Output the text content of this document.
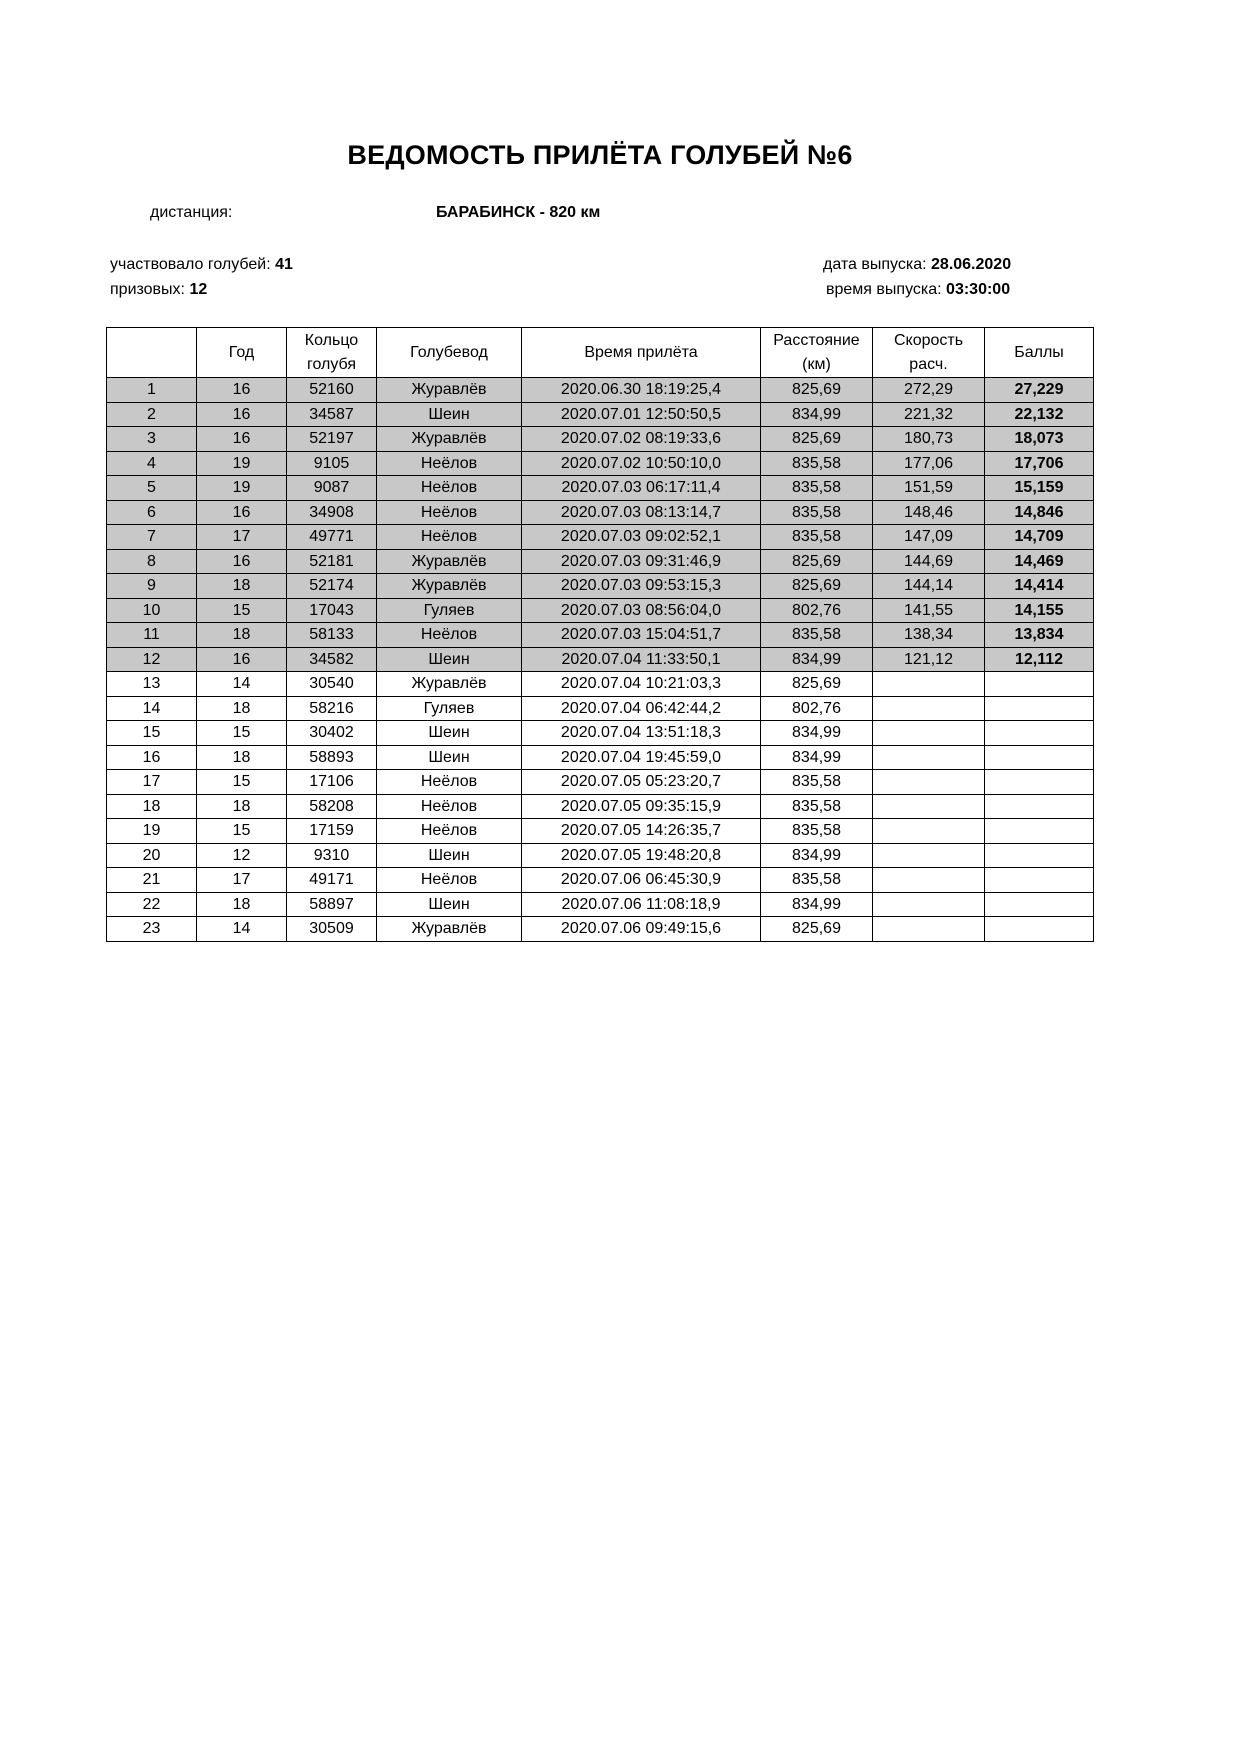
ВЕДОМОСТЬ ПРИЛЁТА ГОЛУБЕЙ №6
дистанция:	БАРАБИНСК - 820 км
участвовало голубей: 41
призовых: 12
дата выпуска: 28.06.2020
время выпуска: 03:30:00
	Год	Кольцо голубя	Голубевод	Время прилёта	Расстояние (км)	Скорость расч.	Баллы
1	16	52160	Журавлёв	2020.06.30 18:19:25,4	825,69	272,29	27,229
2	16	34587	Шеин	2020.07.01 12:50:50,5	834,99	221,32	22,132
3	16	52197	Журавлёв	2020.07.02 08:19:33,6	825,69	180,73	18,073
4	19	9105	Неёлов	2020.07.02 10:50:10,0	835,58	177,06	17,706
5	19	9087	Неёлов	2020.07.03 06:17:11,4	835,58	151,59	15,159
6	16	34908	Неёлов	2020.07.03 08:13:14,7	835,58	148,46	14,846
7	17	49771	Неёлов	2020.07.03 09:02:52,1	835,58	147,09	14,709
8	16	52181	Журавлёв	2020.07.03 09:31:46,9	825,69	144,69	14,469
9	18	52174	Журавлёв	2020.07.03 09:53:15,3	825,69	144,14	14,414
10	15	17043	Гуляев	2020.07.03 08:56:04,0	802,76	141,55	14,155
11	18	58133	Неёлов	2020.07.03 15:04:51,7	835,58	138,34	13,834
12	16	34582	Шеин	2020.07.04 11:33:50,1	834,99	121,12	12,112
13	14	30540	Журавлёв	2020.07.04 10:21:03,3	825,69		
14	18	58216	Гуляев	2020.07.04 06:42:44,2	802,76		
15	15	30402	Шеин	2020.07.04 13:51:18,3	834,99		
16	18	58893	Шеин	2020.07.04 19:45:59,0	834,99		
17	15	17106	Неёлов	2020.07.05 05:23:20,7	835,58		
18	18	58208	Неёлов	2020.07.05 09:35:15,9	835,58		
19	15	17159	Неёлов	2020.07.05 14:26:35,7	835,58		
20	12	9310	Шеин	2020.07.05 19:48:20,8	834,99		
21	17	49171	Неёлов	2020.07.06 06:45:30,9	835,58		
22	18	58897	Шеин	2020.07.06 11:08:18,9	834,99		
23	14	30509	Журавлёв	2020.07.06 09:49:15,6	825,69		
